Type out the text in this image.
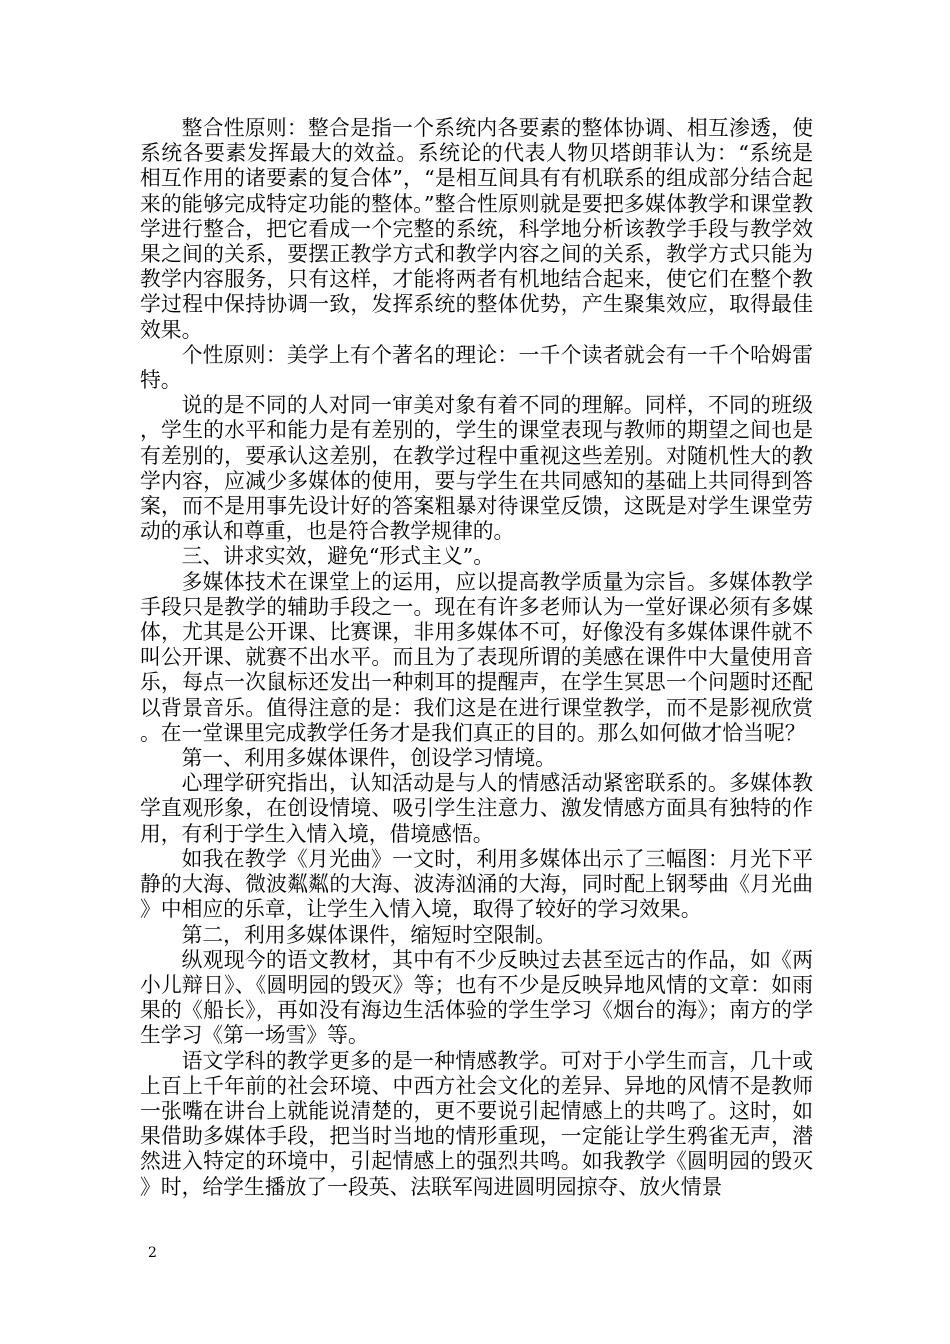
整合性原则：整合是指一个系统内各要素的整体协调、相互渗透，使系统各要素发挥最大的效益。系统论的代表人物贝塔朗菲认为：“系统是相互作用的诸要素的复合体”，“是相互间具有有机联系的组成部分结合起来的能够完成特定功能的整体。”整合性原则就是要把多媒体教学和课堂教学进行整合，把它看成一个完整的系统，科学地分析该教学手段与教学效果之间的关系，要摆正教学方式和教学内容之间的关系，教学方式只能为教学内容服务，只有这样，才能将两者有机地结合起来，使它们在整个教学过程中保持协调一致，发挥系统的整体优势，产生聚集效应，取得最佳效果。

个性原则：美学上有个著名的理论：一千个读者就会有一千个哈姆雷特。

说的是不同的人对同一审美对象有着不同的理解。同样，不同的班级，学生的水平和能力是有差别的，学生的课堂表现与教师的期望之间也是有差别的，要承认这差别，在教学过程中重视这些差别。对随机性大的教学内容，应减少多媒体的使用，要与学生在共同感知的基础上共同得到答案，而不是用事先设计好的答案粗暴对待课堂反馈，这既是对学生课堂劳动的承认和尊重，也是符合教学规律的。

三、讲求实效，避免“形式主义”。

多媒体技术在课堂上的运用，应以提高教学质量为宗旨。多媒体教学手段只是教学的辅助手段之一。现在有许多老师认为一堂好课必须有多媒体，尤其是公开课、比赛课，非用多媒体不可，好像没有多媒体课件就不叫公开课、就赛不出水平。而且为了表现所谓的美感在课件中大量使用音乐，每点一次鼠标还发出一种刺耳的提醒声，在学生冥思一个问题时还配以背景音乐。值得注意的是：我们这是在进行课堂教学，而不是影视欣赏。在一堂课里完成教学任务才是我们真正的目的。那么如何做才恰当呢？

第一、利用多媒体课件，创设学习情境。

心理学研究指出，认知活动是与人的情感活动紧密联系的。多媒体教学直观形象，在创设情境、吸引学生注意力、激发情感方面具有独特的作用，有利于学生入情入境，借境感悟。

如我在教学《月光曲》一文时，利用多媒体出示了三幅图：月光下平静的大海、微波粼粼的大海、波涛汹涌的大海，同时配上钢琴曲《月光曲》中相应的乐章，让学生入情入境，取得了较好的学习效果。

第二，利用多媒体课件，缩短时空限制。

纵观现今的语文教材，其中有不少反映过去甚至远古的作品，如《两小儿辩日》、《圆明园的毁灭》等；也有不少是反映异地风情的文章：如雨果的《船长》，再如没有海边生活体验的学生学习《烟台的海》；南方的学生学习《第一场雪》等。

语文学科的教学更多的是一种情感教学。可对于小学生而言，几十或上百上千年前的社会环境、中西方社会文化的差异、异地的风情不是教师一张嘴在讲台上就能说清楚的，更不要说引起情感上的共鸣了。这时，如果借助多媒体手段，把当时当地的情形重现，一定能让学生鸦雀无声，潜然进入特定的环境中，引起情感上的强烈共鸣。如我教学《圆明园的毁灭》时，给学生播放了一段英、法联军闯进圆明园掠夺、放火情景

2
